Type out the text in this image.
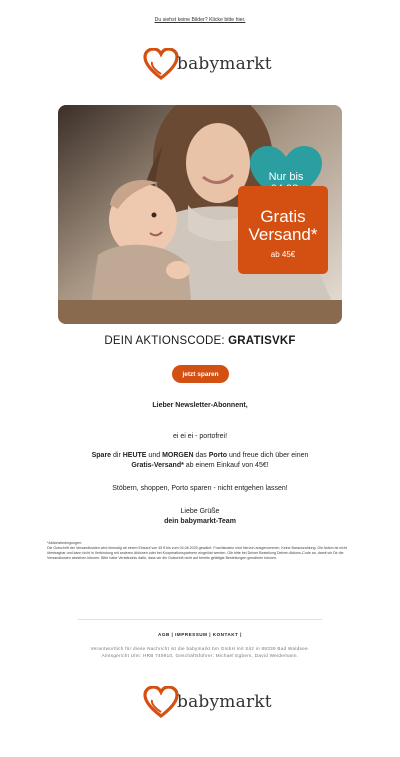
Du siehst keine Bilder? Klicke bitte hier.
babymarkt
Nur bis

Gratis
Versand*
ab 45€
DEIN AKTIONSCODE: GRATISVKF
jetzt sparen
Lieber Newsletter-Abonnent,
ei ei ei - portofrei!
Spare dir HEUTE und MORGEN das Porto und freue dich über einen
Gratis-Versand* ab einem Einkauf von 45€!
Stöbern, shoppen, Porto sparen - nicht entgehen lassen!
Liebe Grüße
dein babymarkt-Team
*Aktionsbedingungen:
Die Gutschrift der Versandkosten wird einmalig ab einem Einkauf von 45 € bis zum 04.08.2025 gewährt. Frachtkosten sind hiervon ausgenommen. Keine Barauszahlung. Die Aktion ist nicht übertragbar und kann nicht in Verbindung mit anderen Aktionen oder bei Kooperationspartnern eingelöst werden. Gib bitte bei Deiner Bestellung Deinen Aktions-Code an, damit wir Dir die Versandkosten abziehen können. Bitte habe Verständnis dafür, dass wir die Gutschrift nicht auf bereits getätigte Bestellungen gewähren können.
AGB | IMPRESSUM | KONTAKT |
Verantwortlich für diese Nachricht ist die babymarkt bm GmbH mit Sitz in 88339 Bad Waldsee. Amtsgericht Ulm: HRB 749910, Geschäftsführer: Michael Egbers, David Weidemann.
babymarkt
